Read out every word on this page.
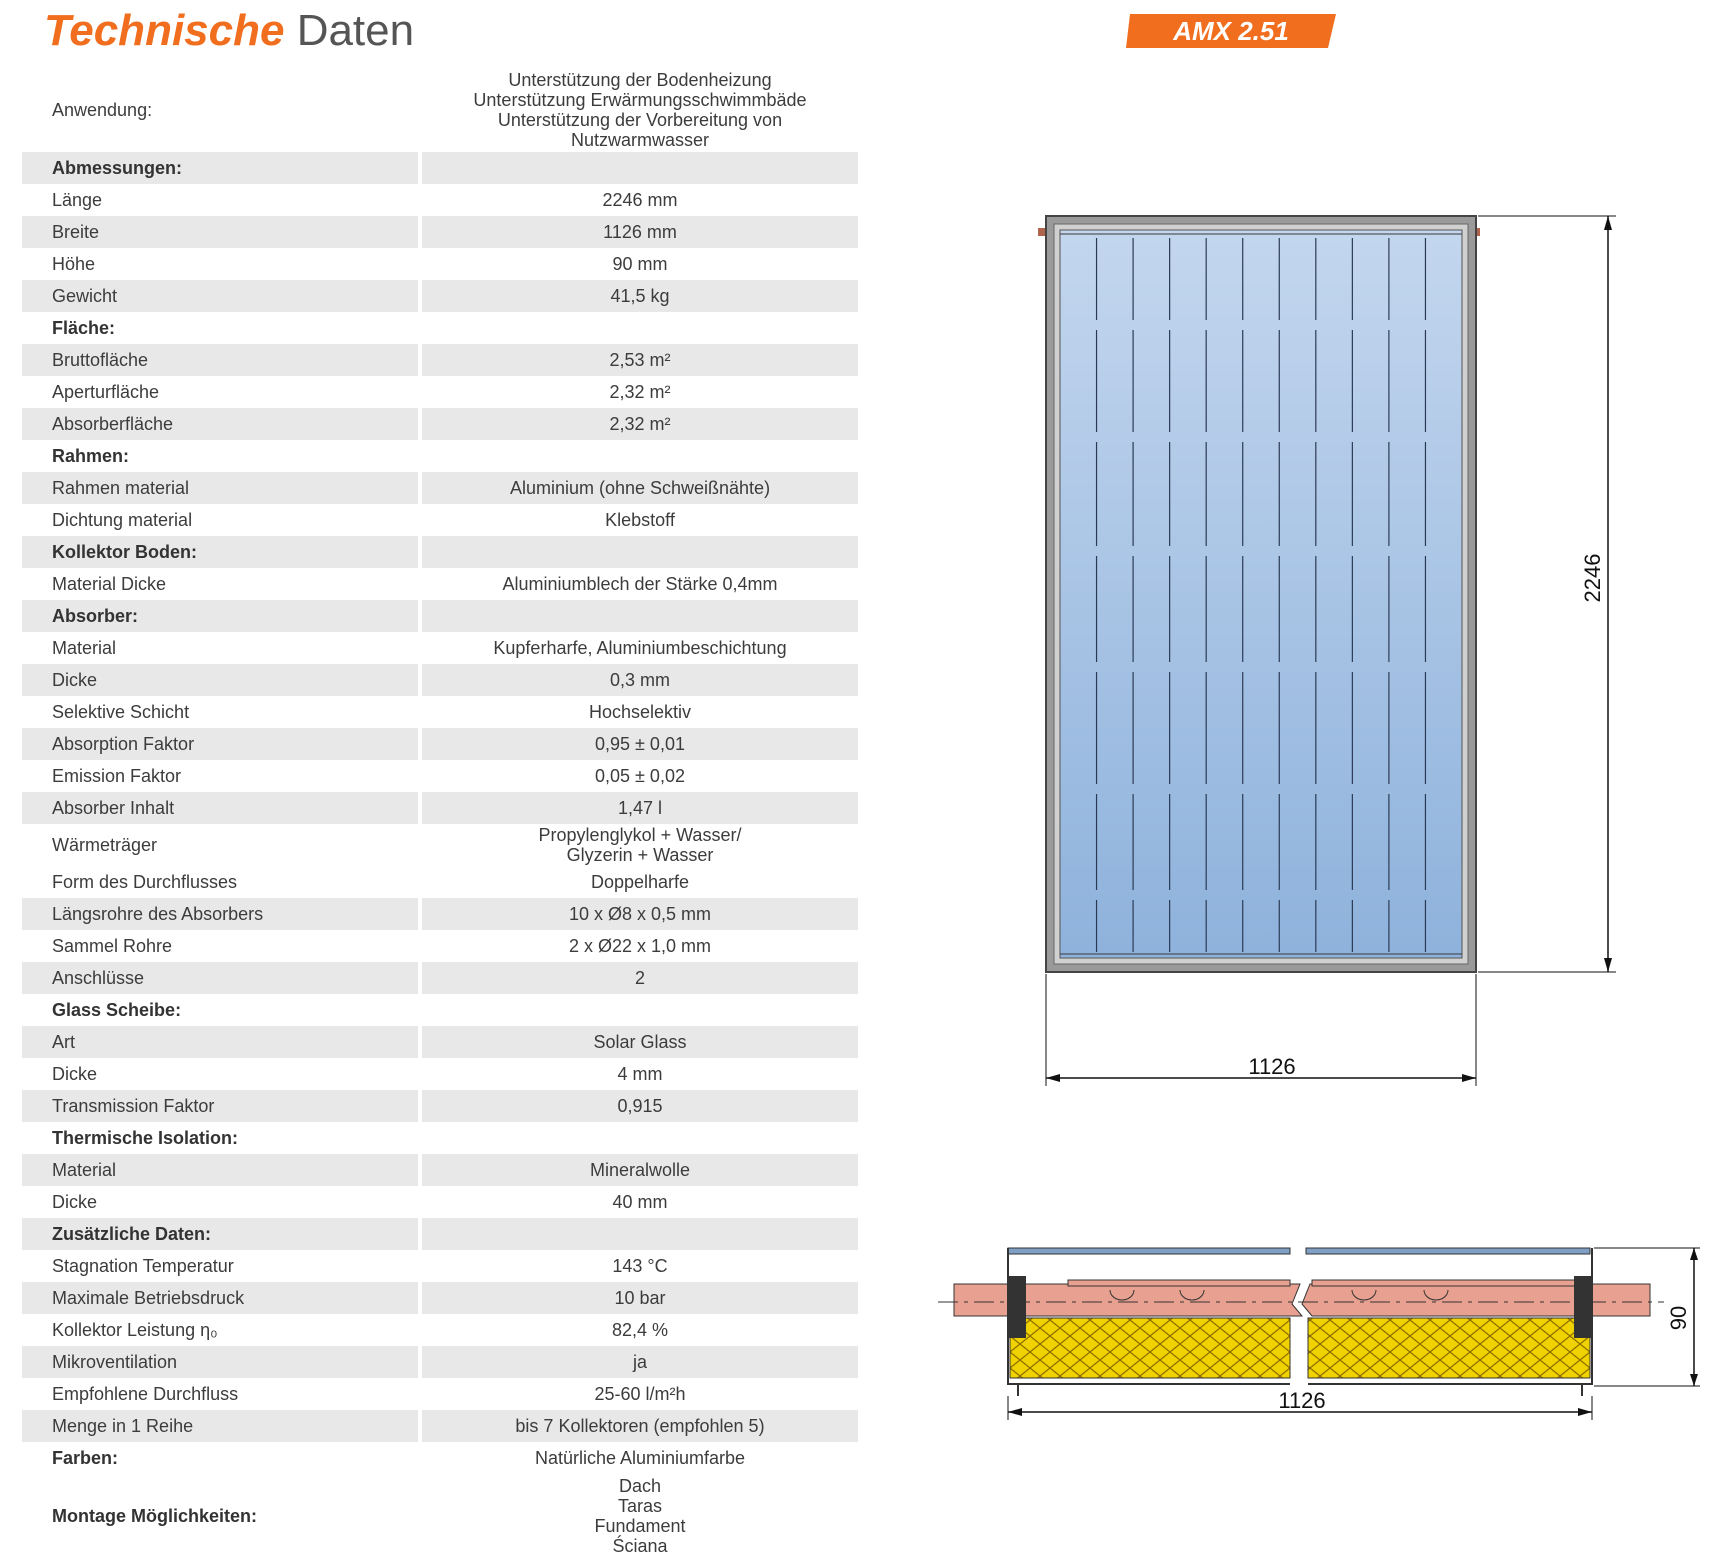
Technische Daten	AMX 2.51
Anwendung:
Unterstützung der Bodenheizung
Unterstützung Erwärmungsschwimmbäde
Unterstützung der Vorbereitung von
Nutzwarmwasser
Abmessungen:
Länge	2246 mm
Breite	1126 mm
Höhe	90 mm
Gewicht	41,5 kg
Fläche:
Bruttofläche	2,53 m²
Aperturfläche	2,32 m²
Absorberfläche	2,32 m²
Rahmen:
Rahmen material	Aluminium (ohne Schweißnähte)
Dichtung material	Klebstoff
Kollektor Boden:
Material Dicke	Aluminiumblech der Stärke 0,4mm
Absorber:
Material	Kupferharfe, Aluminiumbeschichtung
Dicke	0,3 mm
Selektive Schicht	Hochselektiv
Absorption Faktor	0,95 ± 0,01
Emission Faktor	0,05 ± 0,02
Absorber Inhalt	1,47 l
Wärmeträger	Propylenglykol + Wasser/
Glyzerin + Wasser
Form des Durchflusses	Doppelharfe
Längsrohre des Absorbers	10 x Ø8 x 0,5 mm
Sammel Rohre	2 x Ø22 x 1,0 mm
Anschlüsse	2
Glass Scheibe:
Art	Solar Glass
Dicke	4 mm
Transmission Faktor	0,915
Thermische Isolation:
Material	Mineralwolle
Dicke	40 mm
Zusätzliche Daten:
Stagnation Temperatur	143 °C
Maximale Betriebsdruck	10 bar
Kollektor Leistung η₀	82,4 %
Mikroventilation	ja
Empfohlene Durchfluss	25-60 l/m²h
Menge in 1 Reihe	bis 7 Kollektoren (empfohlen 5)
Farben:	Natürliche Aluminiumfarbe
Montage Möglichkeiten:
Dach
Taras
Fundament
Ściana
2246
1126
1126
90
